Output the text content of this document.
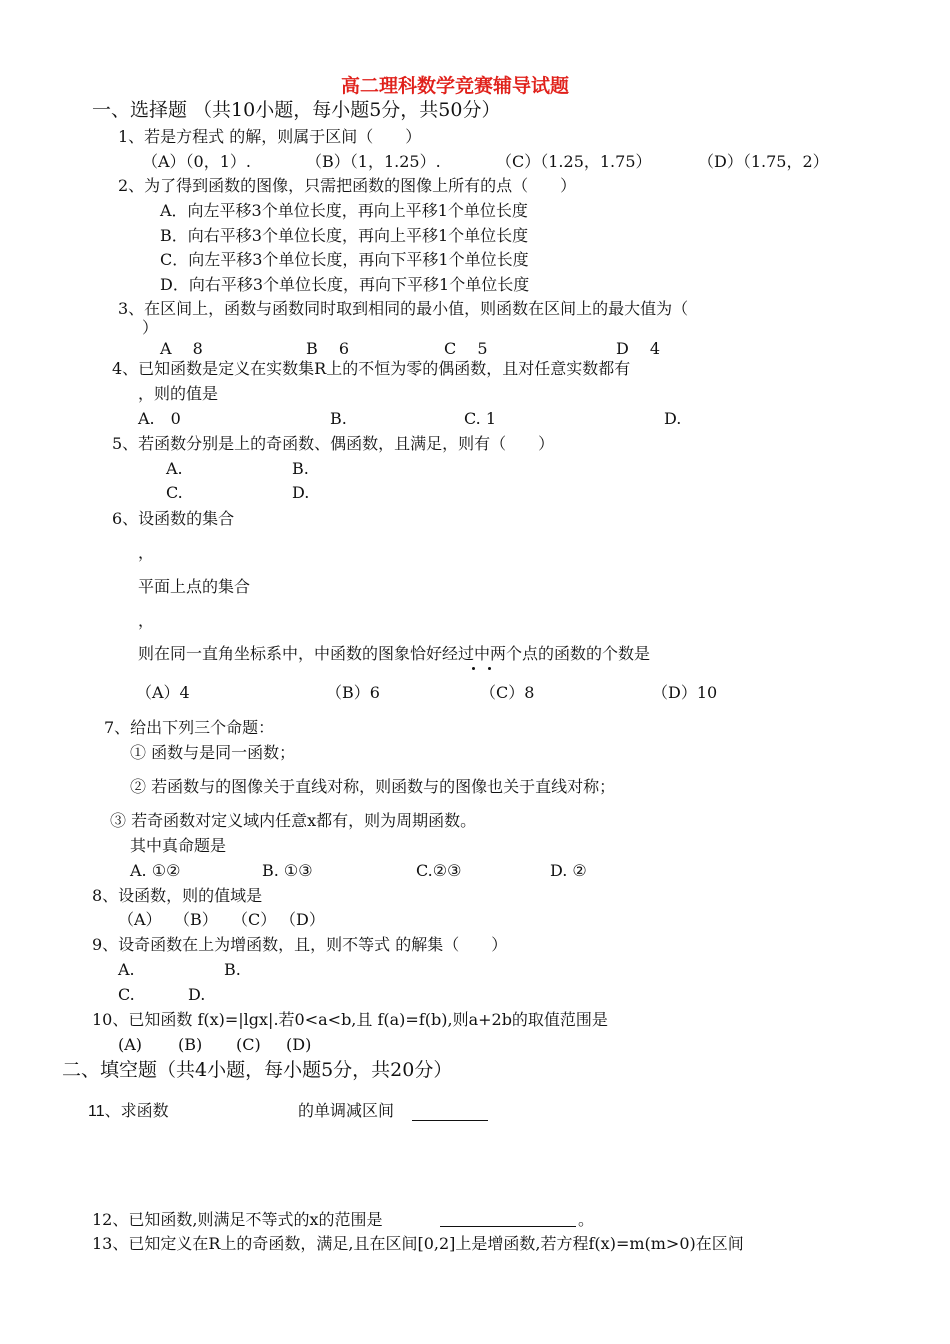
高二理科数学竞赛辅导试题
一、选择题 （共10小题，每小题5分，共50分）
1、若是方程式 的解，则属于区间（　　）
（A）（0，1）.	（B）（1，1.25）.	（C）（1.25，1.75）	（D）（1.75，2）
2、为了得到函数的图像，只需把函数的图像上所有的点（　　）
A．向左平移3个单位长度，再向上平移1个单位长度
B．向右平移3个单位长度，再向上平移1个单位长度
C．向左平移3个单位长度，再向下平移1个单位长度
D．向右平移3个单位长度，再向下平移1个单位长度
3、在区间上，函数与函数同时取到相同的最小值，则函数在区间上的最大值为（
）
A　 8	B　 6	C　 5	D　 4
4、已知函数是定义在实数集R上的不恒为零的偶函数，且对任意实数都有
，则的值是
A.　0	B.	C. 1	D.
5、若函数分别是上的奇函数、偶函数，且满足，则有（　　）
A.	B.
C.	D.
6、设函数的集合
，
平面上点的集合
，
则在同一直角坐标系中，中函数的图象恰好经过中两个点的函数的个数是
（A）4	（B）6	（C）8	（D）10
7、给出下列三个命题：
① 函数与是同一函数；
② 若函数与的图像关于直线对称，则函数与的图像也关于直线对称；
③ 若奇函数对定义域内任意x都有，则为周期函数。
其中真命题是
A. ①②	B. ①③	C.②③	D. ②
8、设函数，则的值域是
（A） （B） （C） （D）
9、设奇函数在上为增函数，且，则不等式 的解集（　　）
A.	B.
C.	D.
10、已知函数 f(x)=|lgx|.若0<a<b,且 f(a)=f(b),则a+2b的取值范围是
(A) (B) (C) (D)
二、填空题（共4小题，每小题5分，共20分）
11、求函数	的单调减区间
12、已知函数,则满足不等式的x的范围是	。
13、已知定义在R上的奇函数，满足,且在区间[0,2]上是增函数,若方程f(x)=m(m>0)在区间
